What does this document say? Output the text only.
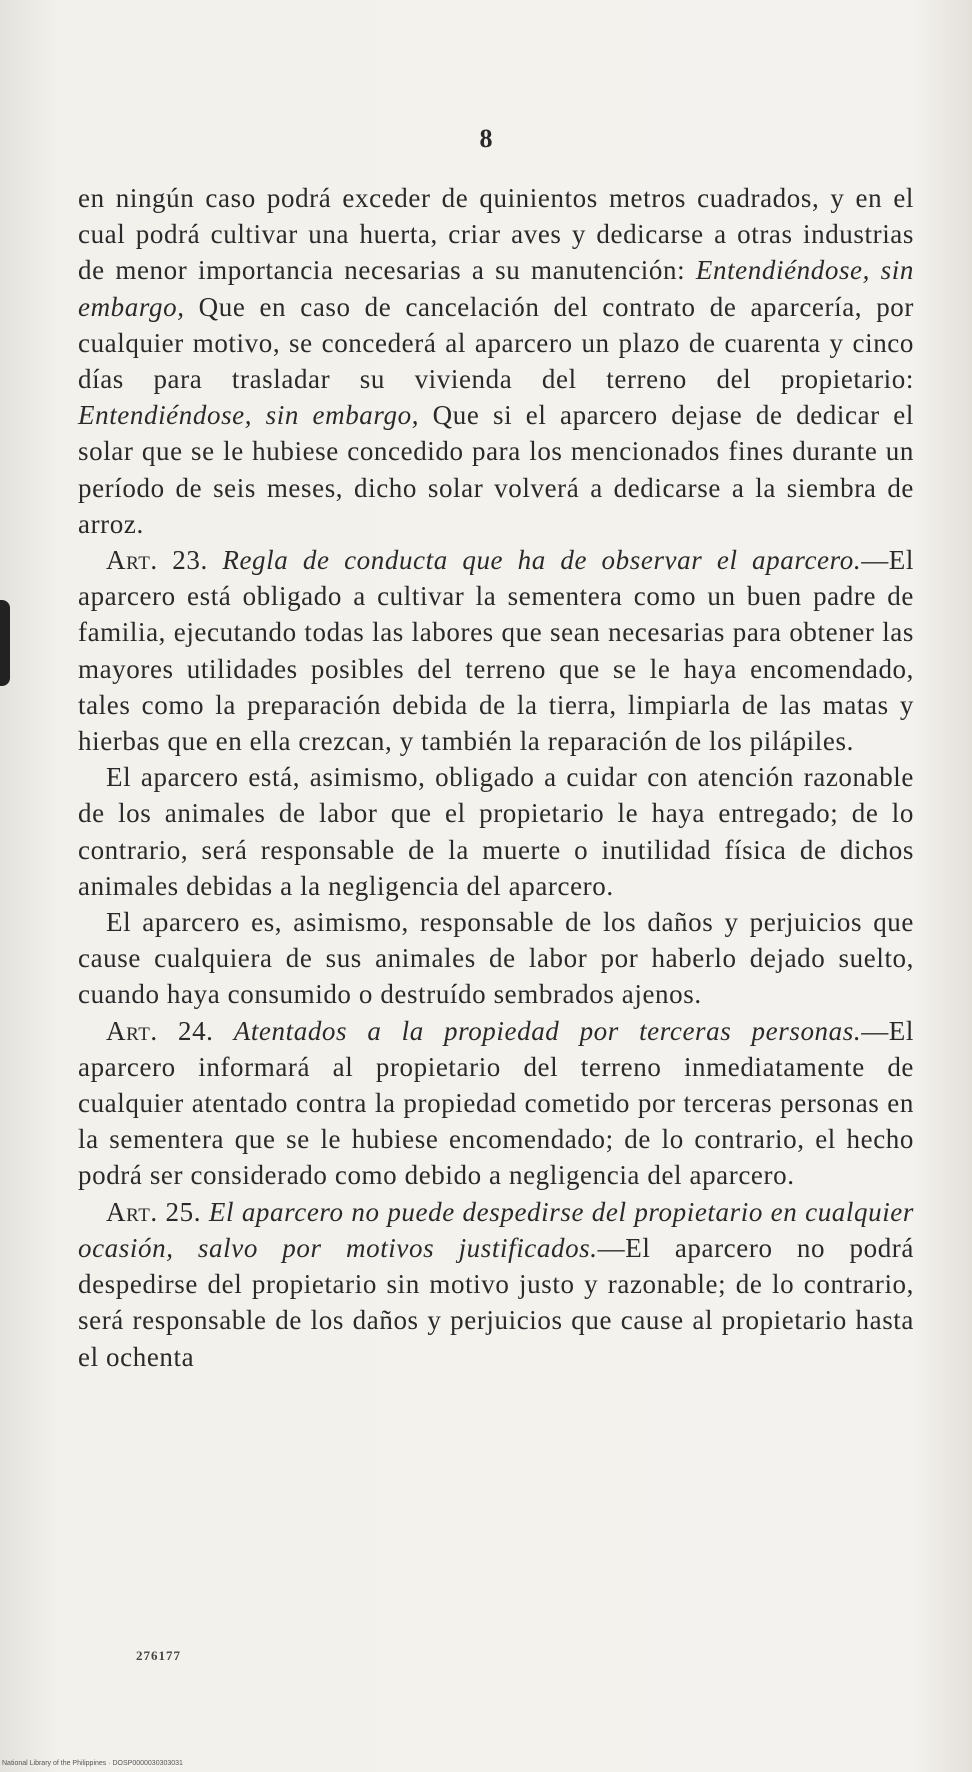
8

en ningún caso podrá exceder de quinientos metros cuadrados, y en el cual podrá cultivar una huerta, criar aves y dedicarse a otras industrias de menor importancia necesarias a su manutención: Entendiéndose, sin embargo, Que en caso de cancelación del contrato de aparcería, por cualquier motivo, se concederá al aparcero un plazo de cuarenta y cinco días para trasladar su vivienda del terreno del propietario: Entendiéndose, sin embargo, Que si el aparcero dejase de dedicar el solar que se le hubiese concedido para los mencionados fines durante un período de seis meses, dicho solar volverá a dedicarse a la siembra de arroz.

Art. 23. Regla de conducta que ha de observar el aparcero.—El aparcero está obligado a cultivar la sementera como un buen padre de familia, ejecutando todas las labores que sean necesarias para obtener las mayores utilidades posibles del terreno que se le haya encomendado, tales como la preparación debida de la tierra, limpiarla de las matas y hierbas que en ella crezcan, y también la reparación de los pilápiles.

El aparcero está, asimismo, obligado a cuidar con atención razonable de los animales de labor que el propietario le haya entregado; de lo contrario, será responsable de la muerte o inutilidad física de dichos animales debidas a la negligencia del aparcero.

El aparcero es, asimismo, responsable de los daños y perjuicios que cause cualquiera de sus animales de labor por haberlo dejado suelto, cuando haya consumido o destruído sembrados ajenos.

Art. 24. Atentados a la propiedad por terceras personas.—El aparcero informará al propietario del terreno inmediatamente de cualquier atentado contra la propiedad cometido por terceras personas en la sementera que se le hubiese encomendado; de lo contrario, el hecho podrá ser considerado como debido a negligencia del aparcero.

Art. 25. El aparcero no puede despedirse del propietario en cualquier ocasión, salvo por motivos justificados.—El aparcero no podrá despedirse del propietario sin motivo justo y razonable; de lo contrario, será responsable de los daños y perjuicios que cause al propietario hasta el ochenta

276177
National Library of the Philippines · DOSP0000030303031
